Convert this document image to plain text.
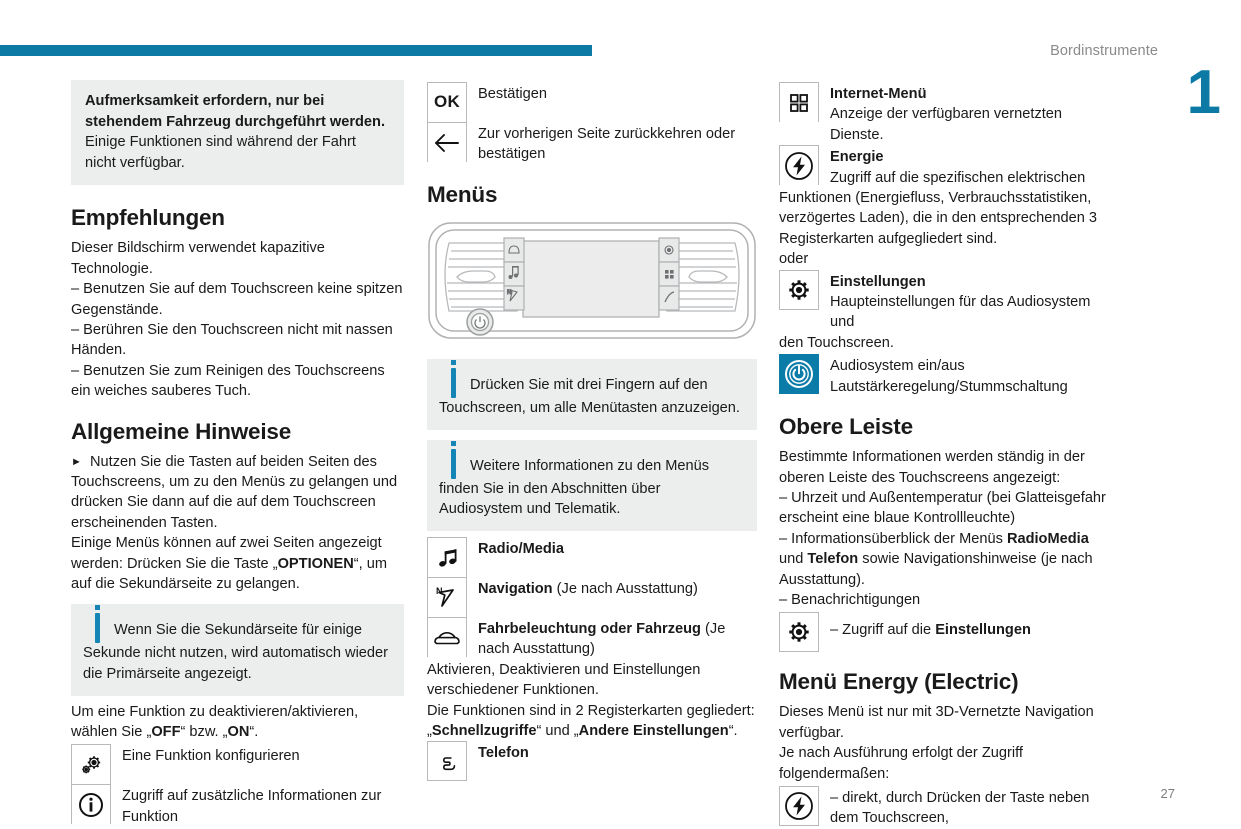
Bordinstrumente
1
27
Aufmerksamkeit erfordern, nur bei stehendem Fahrzeug durchgeführt werden. Einige Funktionen sind während der Fahrt nicht verfügbar.
Empfehlungen

Dieser Bildschirm verwendet kapazitive Technologie.

– Benutzen Sie auf dem Touchscreen keine spitzen Gegenstände.

– Berühren Sie den Touchscreen nicht mit nassen Händen.

– Benutzen Sie zum Reinigen des Touchscreens ein weiches sauberes Tuch.

Allgemeine Hinweise

► Nutzen Sie die Tasten auf beiden Seiten des Touchscreens, um zu den Menüs zu gelangen und drücken Sie dann auf die auf dem Touchscreen erscheinenden Tasten.

Einige Menüs können auf zwei Seiten angezeigt werden: Drücken Sie die Taste „OPTIONEN“, um auf die Sekundärseite zu gelangen.

Wenn Sie die Sekundärseite für einige Sekunde nicht nutzen, wird automatisch wieder die Primärseite angezeigt.

Um eine Funktion zu deaktivieren/aktivieren, wählen Sie „OFF“ bzw. „ON“.

Eine Funktion konfigurieren
Zugriff auf zusätzliche Informationen zur Funktion
OK Bestätigen
Zur vorherigen Seite zurückkehren oder bestätigen
Menüs
N
Drücken Sie mit drei Fingern auf den Touchscreen, um alle Menütasten anzuzeigen.
Weitere Informationen zu den Menüs finden Sie in den Abschnitten über Audiosystem und Telematik.
Radio/Media
N Navigation (Je nach Ausstattung)
Fahrbeleuchtung oder Fahrzeug (Je nach Ausstattung)

Aktivieren, Deaktivieren und Einstellungen verschiedener Funktionen.

Die Funktionen sind in 2 Registerkarten gegliedert:

„Schnellzugriffe“ und „Andere Einstellungen“.

Telefon
Internet-Menü
Anzeige der verfügbaren vernetzten Dienste.
Energie
Zugriff auf die spezifischen elektrischen

Funktionen (Energiefluss, Verbrauchsstatistiken, verzögertes Laden), die in den entsprechenden 3 Registerkarten aufgegliedert sind.

oder

Einstellungen
Haupteinstellungen für das Audiosystem und

den Touchscreen.

Audiosystem ein/aus
Lautstärkeregelung/Stummschaltung
Obere Leiste

Bestimmte Informationen werden ständig in der oberen Leiste des Touchscreens angezeigt:

– Uhrzeit und Außentemperatur (bei Glatteisgefahr erscheint eine blaue Kontrollleuchte)

– Informationsüberblick der Menüs RadioMedia und Telefon sowie Navigationshinweise (je nach Ausstattung).

– Benachrichtigungen

– Zugriff auf die Einstellungen
Menü Energy (Electric)

Dieses Menü ist nur mit 3D-Vernetzte Navigation verfügbar.

Je nach Ausführung erfolgt der Zugriff folgendermaßen:

– direkt, durch Drücken der Taste neben dem Touchscreen,
